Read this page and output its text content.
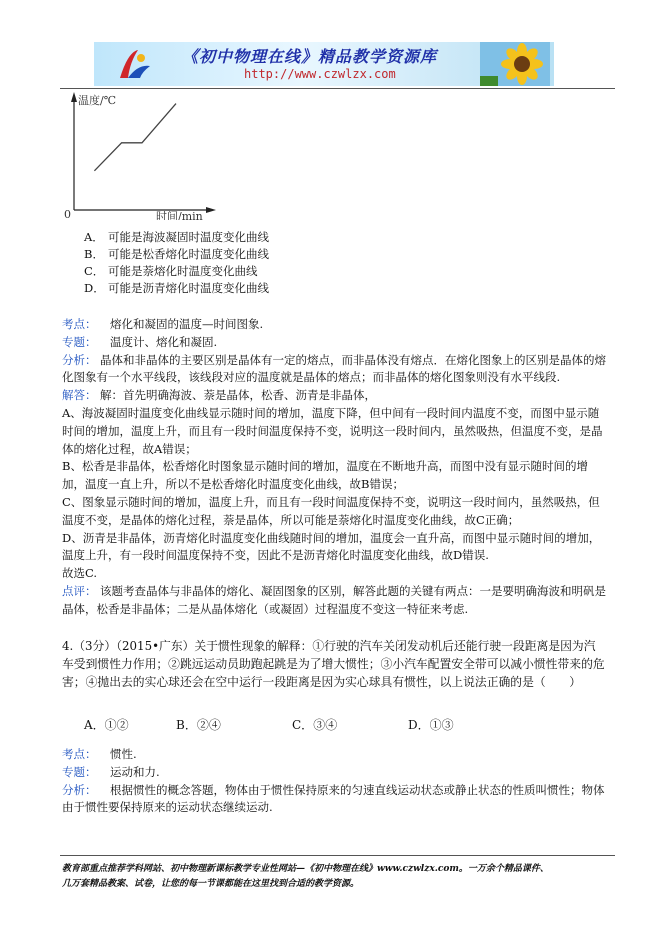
《初中物理在线》精品教学资源库
http://www.czwlzx.com
温度/℃
时间/min
0
A． 可能是海波凝固时温度变化曲线
B． 可能是松香熔化时温度变化曲线
C． 可能是萘熔化时温度变化曲线
D． 可能是沥青熔化时温度变化曲线

考点： 熔化和凝固的温度—时间图象.

专题： 温度计、熔化和凝固.

分析： 晶体和非晶体的主要区别是晶体有一定的熔点，而非晶体没有熔点．在熔化图象上的区别是晶体的熔化图象有一个水平线段，该线段对应的温度就是晶体的熔点；而非晶体的熔化图象则没有水平线段.

解答： 解：首先明确海波、萘是晶体，松香、沥青是非晶体，

A、海波凝固时温度变化曲线显示随时间的增加，温度下降，但中间有一段时间内温度不变，而图中显示随时间的增加，温度上升，而且有一段时间温度保持不变，说明这一段时间内，虽然吸热，但温度不变，是晶体的熔化过程，故A错误；

B、松香是非晶体，松香熔化时图象显示随时间的增加，温度在不断地升高，而图中没有显示随时间的增加，温度一直上升，所以不是松香熔化时温度变化曲线，故B错误；

C、图象显示随时间的增加，温度上升，而且有一段时间温度保持不变，说明这一段时间内，虽然吸热，但温度不变，是晶体的熔化过程，萘是晶体，所以可能是萘熔化时温度变化曲线，故C正确；

D、沥青是非晶体，沥青熔化时温度变化曲线随时间的增加，温度会一直升高，而图中显示随时间的增加，温度上升，有一段时间温度保持不变，因此不是沥青熔化时温度变化曲线，故D错误.

故选C.

点评： 该题考查晶体与非晶体的熔化、凝固图象的区别，解答此题的关键有两点：一是要明确海波和明矾是晶体，松香是非晶体；二是从晶体熔化（或凝固）过程温度不变这一特征来考虑.

4.（3分）（2015•广东）关于惯性现象的解释：①行驶的汽车关闭发动机后还能行驶一段距离是因为汽车受到惯性力作用；②跳远运动员助跑起跳是为了增大惯性；③小汽车配置安全带可以减小惯性带来的危害；④抛出去的实心球还会在空中运行一段距离是因为实心球具有惯性，以上说法正确的是（　　）
A．①②	B．②④	C．③④	D．①③

考点： 惯性.

专题： 运动和力.

分析： 根据惯性的概念答题，物体由于惯性保持原来的匀速直线运动状态或静止状态的性质叫惯性；物体由于惯性要保持原来的运动状态继续运动.

教育部重点推荐学科网站、初中物理新课标教学专业性网站—《初中物理在线》www.czwlzx.com。一万余个精品课件、
几万套精品教案、试卷，让您的每一节课都能在这里找到合适的教学资源。
